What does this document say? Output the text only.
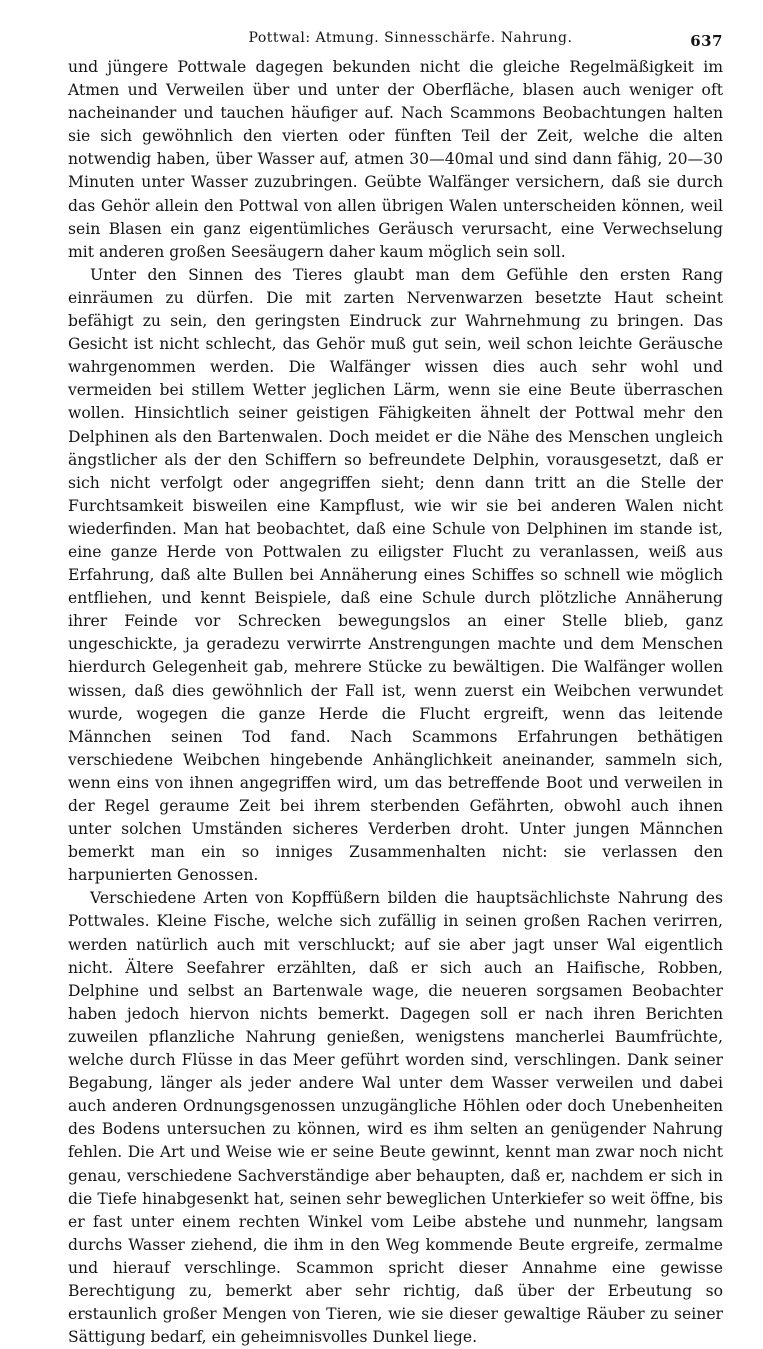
Pottwal: Atmung. Sinnesschärfe. Nahrung.	637

und jüngere Pottwale dagegen bekunden nicht die gleiche Regelmäßigkeit im Atmen und Verweilen über und unter der Oberfläche, blasen auch weniger oft nacheinander und tauchen häufiger auf. Nach Scammons Beobachtungen halten sie sich gewöhnlich den vierten oder fünften Teil der Zeit, welche die alten notwendig haben, über Wasser auf, atmen 30—40mal und sind dann fähig, 20—30 Minuten unter Wasser zuzubringen. Geübte Walfänger versichern, daß sie durch das Gehör allein den Pottwal von allen übrigen Walen unterscheiden können, weil sein Blasen ein ganz eigentümliches Geräusch verursacht, eine Verwechselung mit anderen großen Seesäugern daher kaum möglich sein soll.

Unter den Sinnen des Tieres glaubt man dem Gefühle den ersten Rang einräumen zu dürfen. Die mit zarten Nervenwarzen besetzte Haut scheint befähigt zu sein, den geringsten Eindruck zur Wahrnehmung zu bringen. Das Gesicht ist nicht schlecht, das Gehör muß gut sein, weil schon leichte Geräusche wahrgenommen werden. Die Walfänger wissen dies auch sehr wohl und vermeiden bei stillem Wetter jeglichen Lärm, wenn sie eine Beute überraschen wollen. Hinsichtlich seiner geistigen Fähigkeiten ähnelt der Pottwal mehr den Delphinen als den Bartenwalen. Doch meidet er die Nähe des Menschen ungleich ängstlicher als der den Schiffern so befreundete Delphin, vorausgesetzt, daß er sich nicht verfolgt oder angegriffen sieht; denn dann tritt an die Stelle der Furchtsamkeit bisweilen eine Kampflust, wie wir sie bei anderen Walen nicht wiederfinden. Man hat beobachtet, daß eine Schule von Delphinen im stande ist, eine ganze Herde von Pottwalen zu eiligster Flucht zu veranlassen, weiß aus Erfahrung, daß alte Bullen bei Annäherung eines Schiffes so schnell wie möglich entfliehen, und kennt Beispiele, daß eine Schule durch plötzliche Annäherung ihrer Feinde vor Schrecken bewegungslos an einer Stelle blieb, ganz ungeschickte, ja geradezu verwirrte Anstrengungen machte und dem Menschen hierdurch Gelegenheit gab, mehrere Stücke zu bewältigen. Die Walfänger wollen wissen, daß dies gewöhnlich der Fall ist, wenn zuerst ein Weibchen verwundet wurde, wogegen die ganze Herde die Flucht ergreift, wenn das leitende Männchen seinen Tod fand. Nach Scammons Erfahrungen bethätigen verschiedene Weibchen hingebende Anhänglichkeit aneinander, sammeln sich, wenn eins von ihnen angegriffen wird, um das betreffende Boot und verweilen in der Regel geraume Zeit bei ihrem sterbenden Gefährten, obwohl auch ihnen unter solchen Umständen sicheres Verderben droht. Unter jungen Männchen bemerkt man ein so inniges Zusammenhalten nicht: sie verlassen den harpunierten Genossen.

Verschiedene Arten von Kopffüßern bilden die hauptsächlichste Nahrung des Pottwales. Kleine Fische, welche sich zufällig in seinen großen Rachen verirren, werden natürlich auch mit verschluckt; auf sie aber jagt unser Wal eigentlich nicht. Ältere Seefahrer erzählten, daß er sich auch an Haifische, Robben, Delphine und selbst an Bartenwale wage, die neueren sorgsamen Beobachter haben jedoch hiervon nichts bemerkt. Dagegen soll er nach ihren Berichten zuweilen pflanzliche Nahrung genießen, wenigstens mancherlei Baumfrüchte, welche durch Flüsse in das Meer geführt worden sind, verschlingen. Dank seiner Begabung, länger als jeder andere Wal unter dem Wasser verweilen und dabei auch anderen Ordnungsgenossen unzugängliche Höhlen oder doch Unebenheiten des Bodens untersuchen zu können, wird es ihm selten an genügender Nahrung fehlen. Die Art und Weise wie er seine Beute gewinnt, kennt man zwar noch nicht genau, verschiedene Sachverständige aber behaupten, daß er, nachdem er sich in die Tiefe hinabgesenkt hat, seinen sehr beweglichen Unterkiefer so weit öffne, bis er fast unter einem rechten Winkel vom Leibe abstehe und nunmehr, langsam durchs Wasser ziehend, die ihm in den Weg kommende Beute ergreife, zermalme und hierauf verschlinge. Scammon spricht dieser Annahme eine gewisse Berechtigung zu, bemerkt aber sehr richtig, daß über der Erbeutung so erstaunlich großer Mengen von Tieren, wie sie dieser gewaltige Räuber zu seiner Sättigung bedarf, ein geheimnisvolles Dunkel liege.
